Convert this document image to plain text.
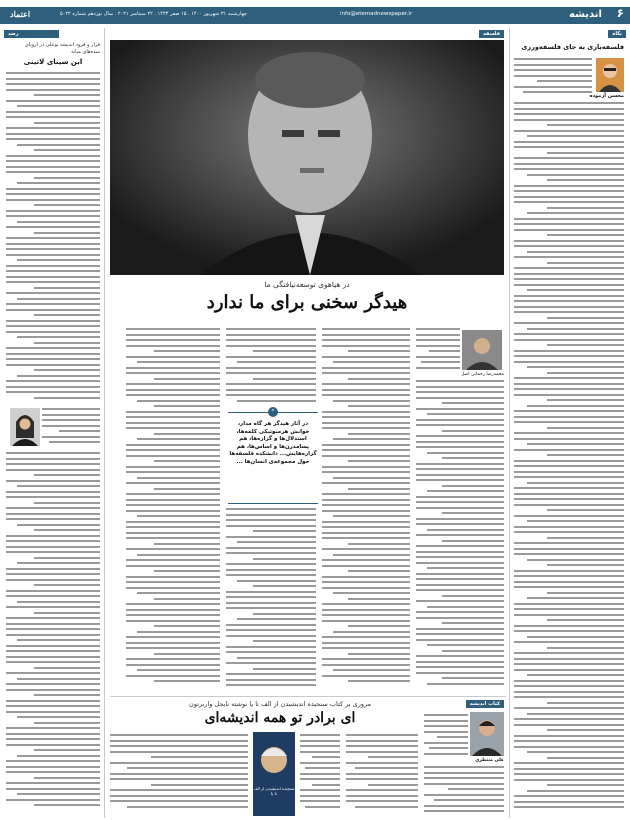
۶
اندیشه
info@etemadnewspaper.ir
چهارشنبه ۳۱ شهریور ۱۴۰۰ . ۱۵ صفر ۱۴۴۳ . ۲۲ سپتامبر ۲۰۲۱ . سال نوزدهم شماره ۵۰۲۲
اعتماد
نگاه
فلسفه‌بازی به جای فلسفه‌ورزی
محسن آزموده
فلسفه
در هیاهوی توسعه‌نیافتگی ما
هیدگر سخنی برای ما ندارد
محمدرضا رحمانی اصل
“
در آثار هیدگر هر گاه مدار، خوانش هرمنوتیکی کلمه‌ها، استدلال‌ها و گزاره‌ها، هم پسامدرن‌ها و اساس‌ها، هم گزاره‌ها‌یش... دانشکده فلسفه‌ها حول مجموعه‌ی انسان‌ها ...
رصد
فراز و فرود اندیشه بوعلی در اروپای سده‌های میانه
ابن سینای لاتینی
کتاب اندیشه
مروری بر کتاب سنجیده اندیشیدن از الف تا یا نوشته نایجل واربرتون
ای برادر تو همه اندیشه‌ای
علی منتظری
سنجیده اندیشیدن از الف تا یا
